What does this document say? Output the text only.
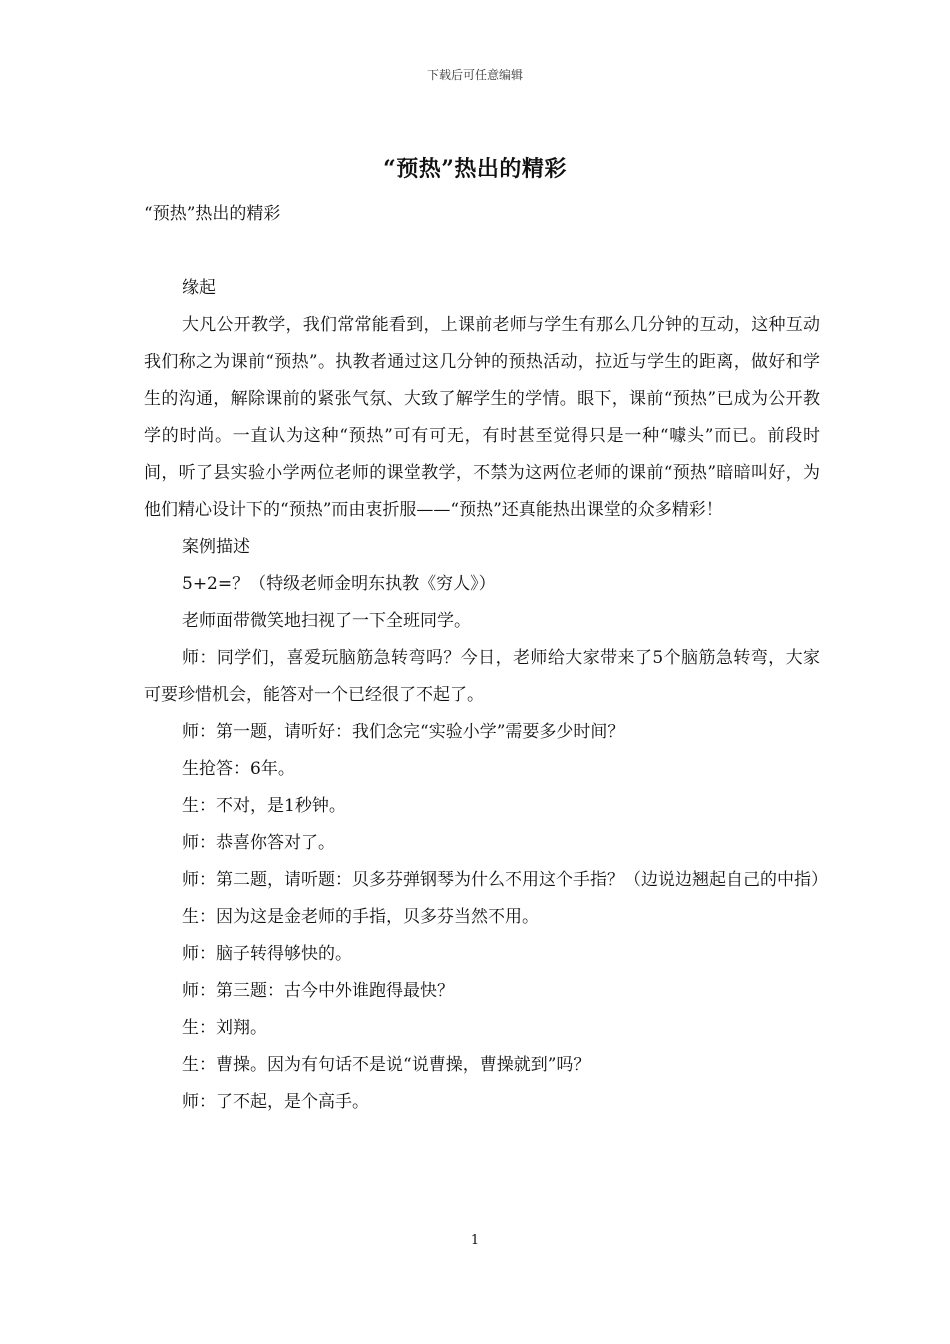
下载后可任意编辑
“预热”热出的精彩

“预热”热出的精彩

缘起

大凡公开教学，我们常常能看到，上课前老师与学生有那么几分钟的互动，这种互动我们称之为课前“预热”。执教者通过这几分钟的预热活动，拉近与学生的距离，做好和学生的沟通，解除课前的紧张气氛、大致了解学生的学情。眼下，课前“预热”已成为公开教学的时尚。一直认为这种“预热”可有可无，有时甚至觉得只是一种“噱头”而已。前段时间，听了县实验小学两位老师的课堂教学，不禁为这两位老师的课前“预热”暗暗叫好，为他们精心设计下的“预热”而由衷折服——“预热”还真能热出课堂的众多精彩！

案例描述

5+2=？（特级老师金明东执教《穷人》）

老师面带微笑地扫视了一下全班同学。

师：同学们，喜爱玩脑筋急转弯吗？今日，老师给大家带来了5个脑筋急转弯，大家可要珍惜机会，能答对一个已经很了不起了。

师：第一题，请听好：我们念完“实验小学”需要多少时间？

生抢答：6年。

生：不对，是1秒钟。

师：恭喜你答对了。

师：第二题，请听题：贝多芬弹钢琴为什么不用这个手指？（边说边翘起自己的中指）

生：因为这是金老师的手指，贝多芬当然不用。

师：脑子转得够快的。

师：第三题：古今中外谁跑得最快？

生：刘翔。

生：曹操。因为有句话不是说“说曹操，曹操就到”吗？

师：了不起，是个高手。

1
